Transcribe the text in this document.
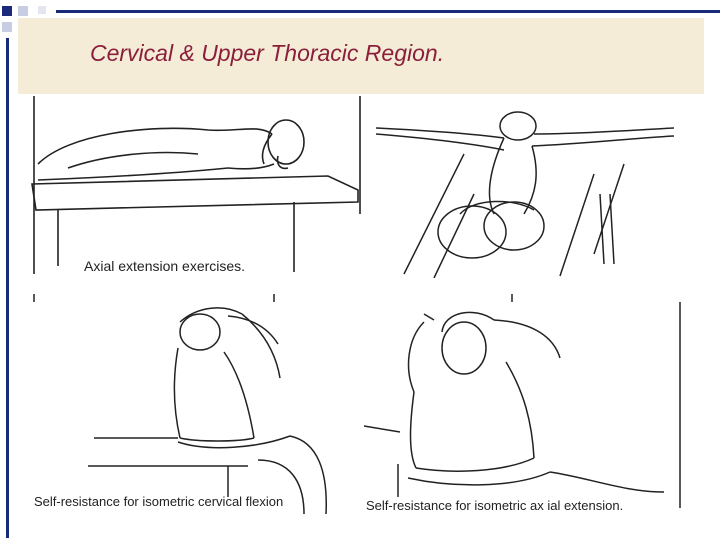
Cervical & Upper Thoracic Region.
Axial extension exercises.
Self-resistance for isometric cervical flexion	Self-resistance for isometric ax ial extension.
